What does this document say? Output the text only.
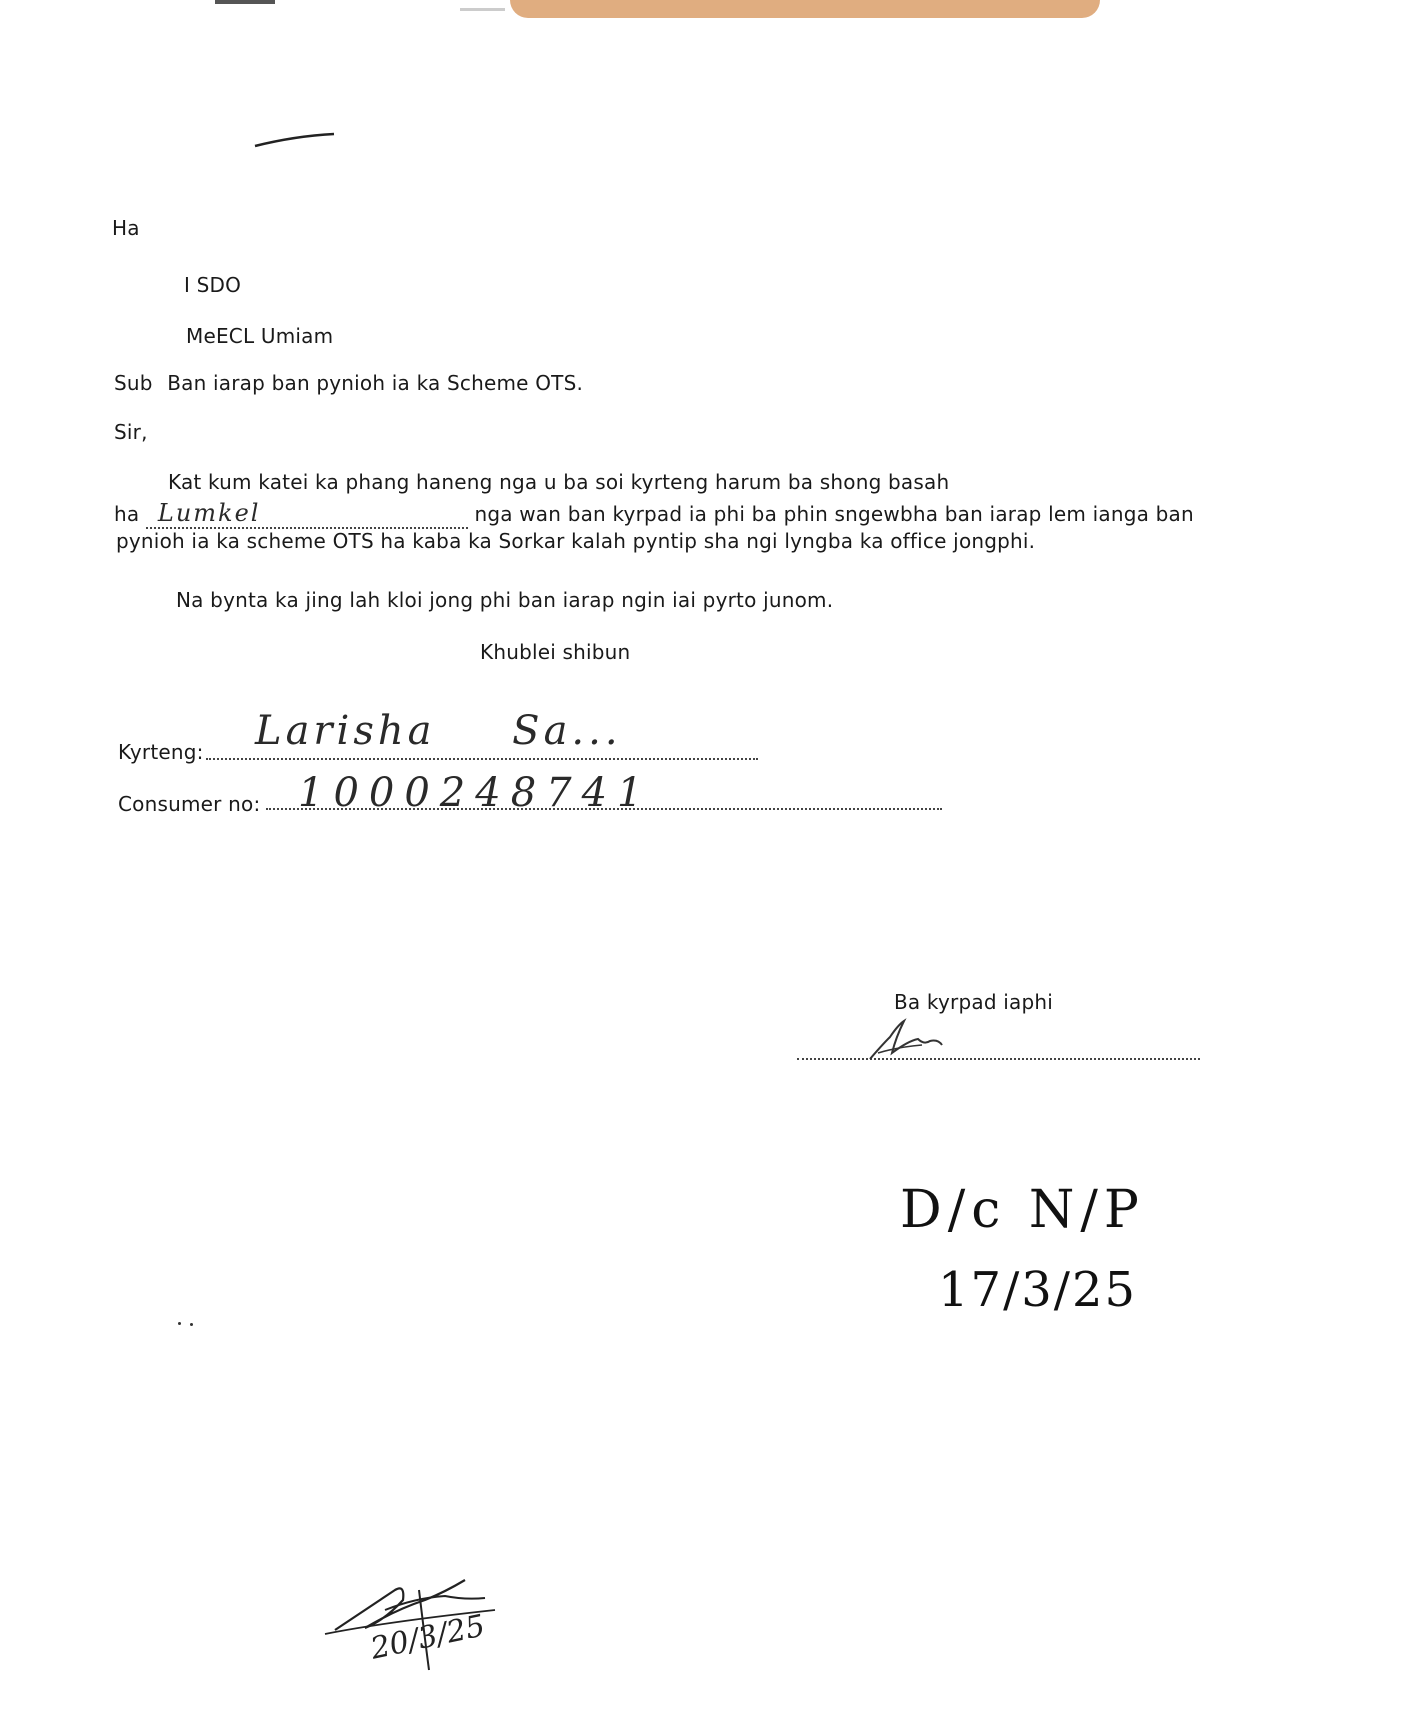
Ha
I SDO
MeECL Umiam
Sub Ban iarap ban pynioh ia ka Scheme OTS.
Sir,
Kat kum katei ka phang haneng nga u ba soi kyrteng harum ba shong basah
ha Lumkel	nga wan ban kyrpad ia phi ba phin sngewbha ban iarap lem ianga ban
pynioh ia ka scheme OTS ha kaba ka Sorkar kalah pyntip sha ngi lyngba ka office jongphi.
Na bynta ka jing lah kloi jong phi ban iarap ngin iai pyrto junom.
Khublei shibun
Kyrteng: Larisha Sa...
Consumer no: 1000248741
Ba kyrpad iaphi
D/c N/P
17/3/25
20/3/25
